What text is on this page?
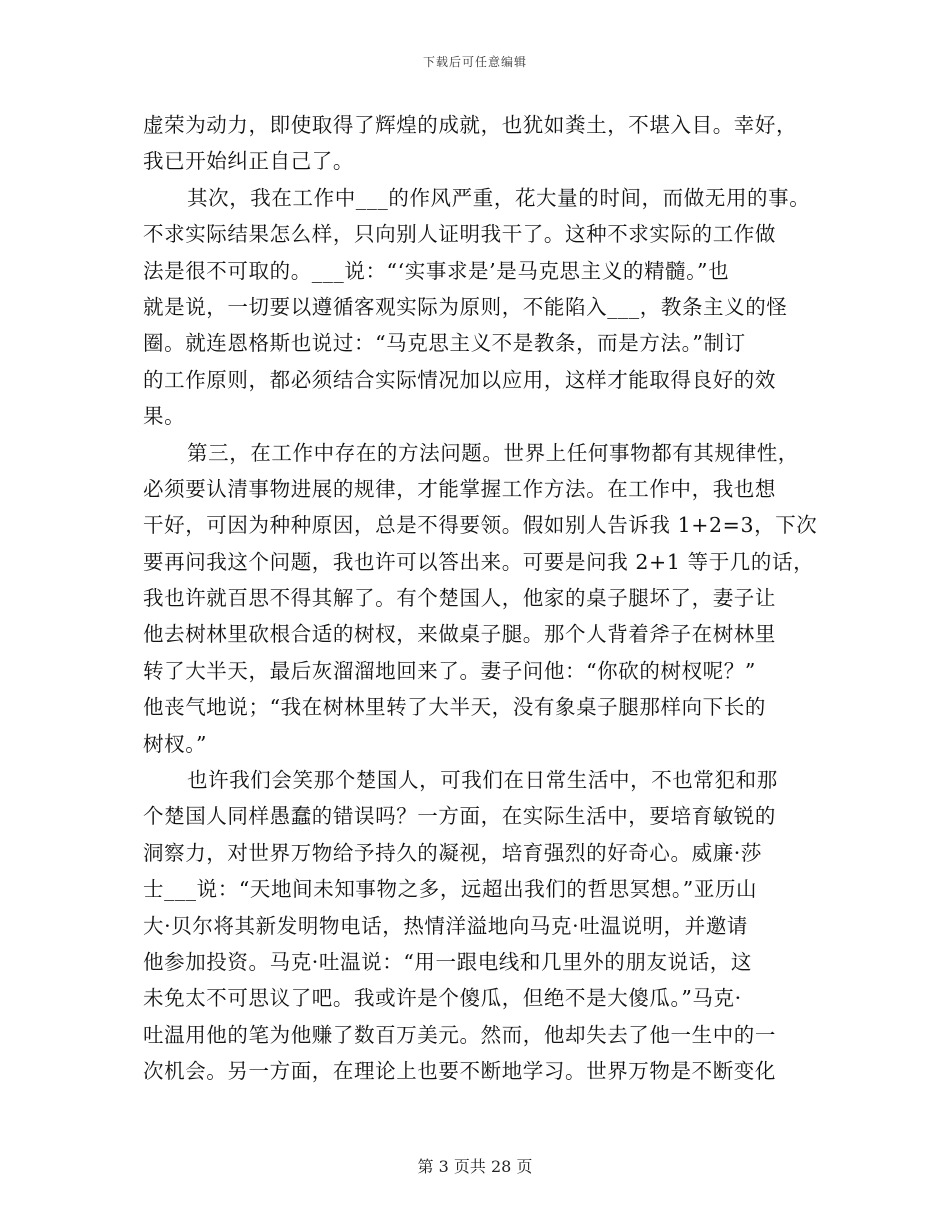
下载后可任意编辑
虚荣为动力，即使取得了辉煌的成就，也犹如粪土，不堪入目。幸好，
我已开始纠正自己了。
其次，我在工作中___的作风严重，花大量的时间，而做无用的事。
不求实际结果怎么样，只向别人证明我干了。这种不求实际的工作做
法是很不可取的。___说：“‘实事求是’是马克思主义的精髓。”也
就是说，一切要以遵循客观实际为原则，不能陷入___，教条主义的怪
圈。就连恩格斯也说过：“马克思主义不是教条，而是方法。”制订
的工作原则，都必须结合实际情况加以应用，这样才能取得良好的效
果。
第三，在工作中存在的方法问题。世界上任何事物都有其规律性，
必须要认清事物进展的规律，才能掌握工作方法。在工作中，我也想
干好，可因为种种原因，总是不得要领。假如别人告诉我 1+2=3，下次
要再问我这个问题，我也许可以答出来。可要是问我 2+1 等于几的话，
我也许就百思不得其解了。有个楚国人，他家的桌子腿坏了，妻子让
他去树林里砍根合适的树杈，来做桌子腿。那个人背着斧子在树林里
转了大半天，最后灰溜溜地回来了。妻子问他：“你砍的树杈呢？”
他丧气地说；“我在树林里转了大半天，没有象桌子腿那样向下长的
树杈。”
也许我们会笑那个楚国人，可我们在日常生活中，不也常犯和那
个楚国人同样愚蠢的错误吗？一方面，在实际生活中，要培育敏锐的
洞察力，对世界万物给予持久的凝视，培育强烈的好奇心。威廉·莎
士___说：“天地间未知事物之多，远超出我们的哲思冥想。”亚历山
大·贝尔将其新发明物电话，热情洋溢地向马克·吐温说明，并邀请
他参加投资。马克·吐温说：“用一跟电线和几里外的朋友说话，这
未免太不可思议了吧。我或许是个傻瓜，但绝不是大傻瓜。”马克·
吐温用他的笔为他赚了数百万美元。然而，他却失去了他一生中的一
次机会。另一方面，在理论上也要不断地学习。世界万物是不断变化
第 3 页共 28 页
